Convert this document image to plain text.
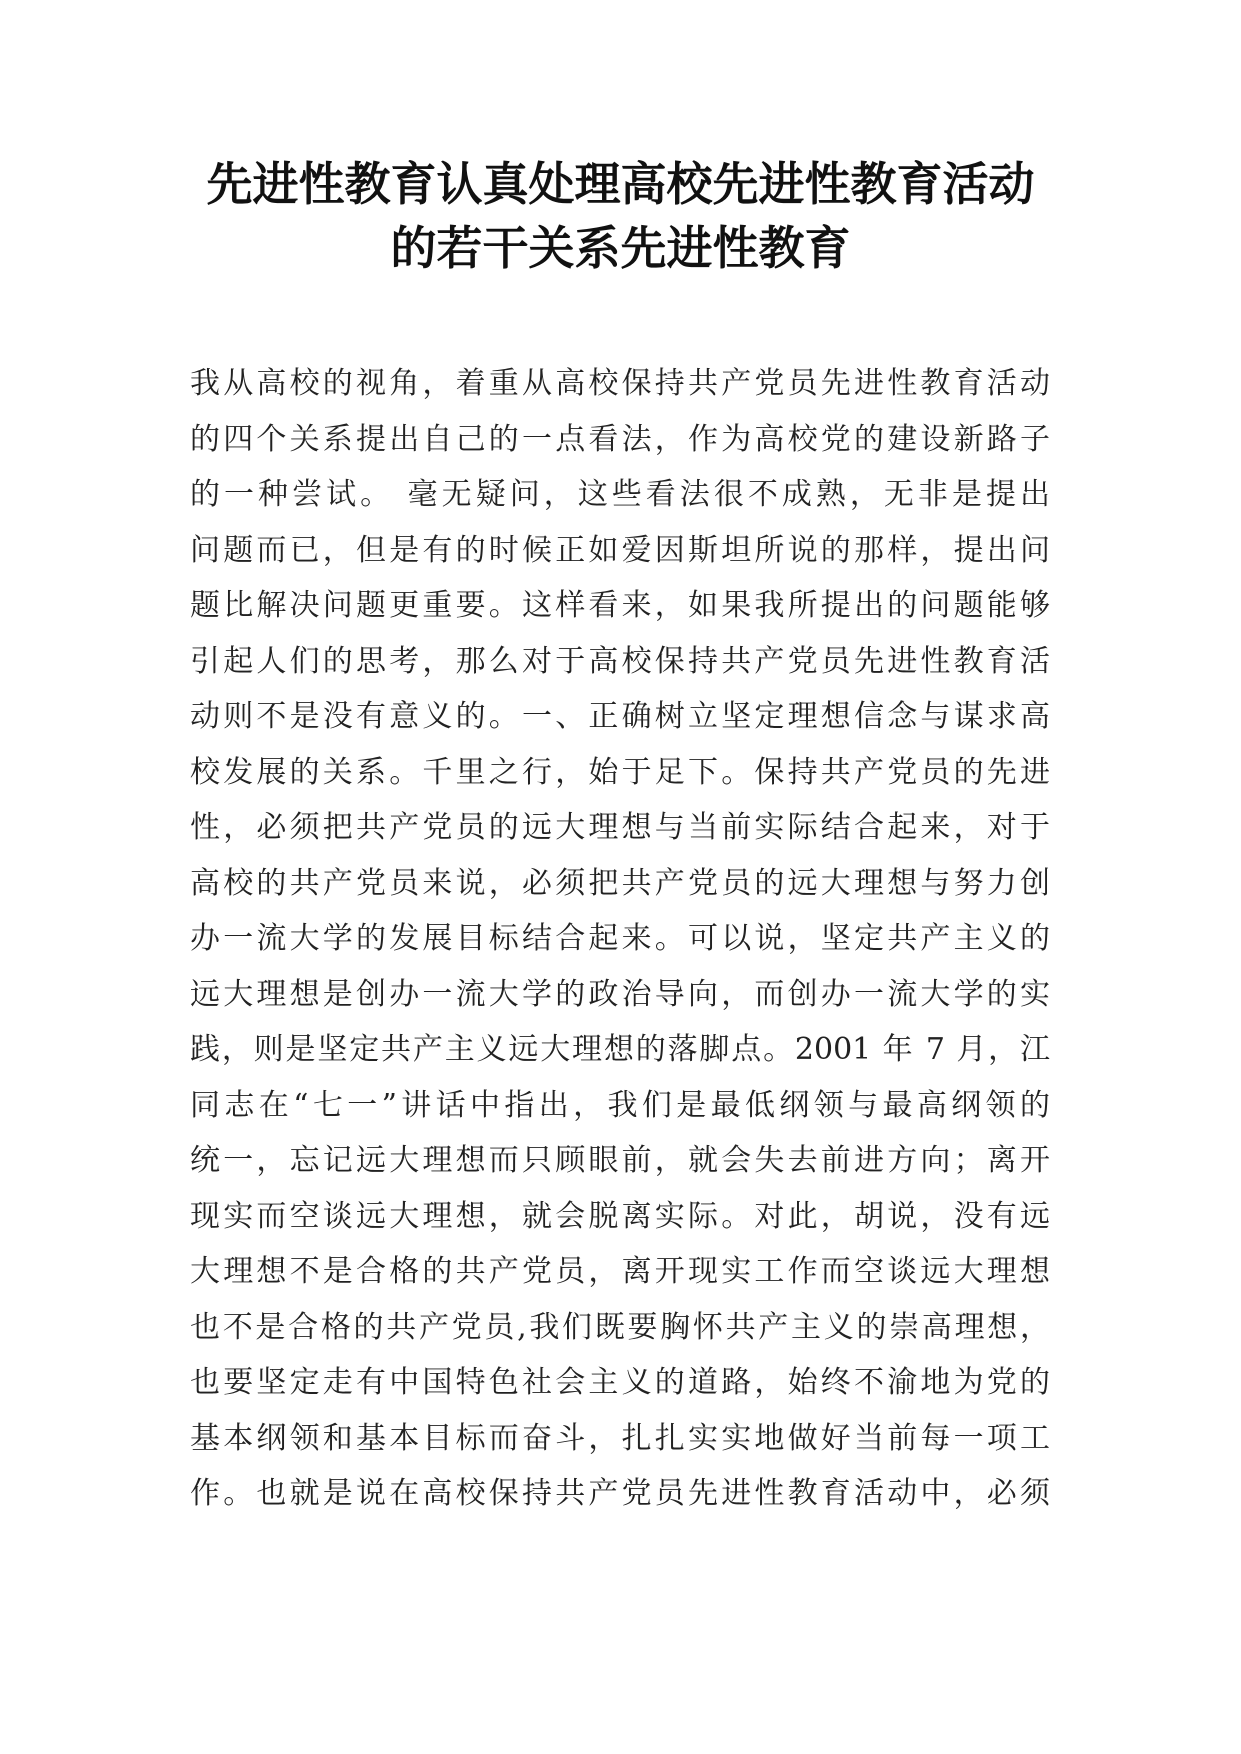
先进性教育认真处理高校先进性教育活动
的若干关系先进性教育
我从高校的视角，着重从高校保持共产党员先进性教育活动
的四个关系提出自己的一点看法，作为高校党的建设新路子
的一种尝试。 毫无疑问，这些看法很不成熟，无非是提出
问题而已，但是有的时候正如爱因斯坦所说的那样，提出问
题比解决问题更重要。这样看来，如果我所提出的问题能够
引起人们的思考，那么对于高校保持共产党员先进性教育活
动则不是没有意义的。一、正确树立坚定理想信念与谋求高
校发展的关系。千里之行，始于足下。保持共产党员的先进
性，必须把共产党员的远大理想与当前实际结合起来，对于
高校的共产党员来说，必须把共产党员的远大理想与努力创
办一流大学的发展目标结合起来。可以说，坚定共产主义的
远大理想是创办一流大学的政治导向，而创办一流大学的实
践，则是坚定共产主义远大理想的落脚点。2001 年 7 月，江
同志在“七一”讲话中指出，我们是最低纲领与最高纲领的
统一，忘记远大理想而只顾眼前，就会失去前进方向；离开
现实而空谈远大理想，就会脱离实际。对此，胡说，没有远
大理想不是合格的共产党员，离开现实工作而空谈远大理想
也不是合格的共产党员,我们既要胸怀共产主义的崇高理想，
也要坚定走有中国特色社会主义的道路，始终不渝地为党的
基本纲领和基本目标而奋斗，扎扎实实地做好当前每一项工
作。也就是说在高校保持共产党员先进性教育活动中，必须
